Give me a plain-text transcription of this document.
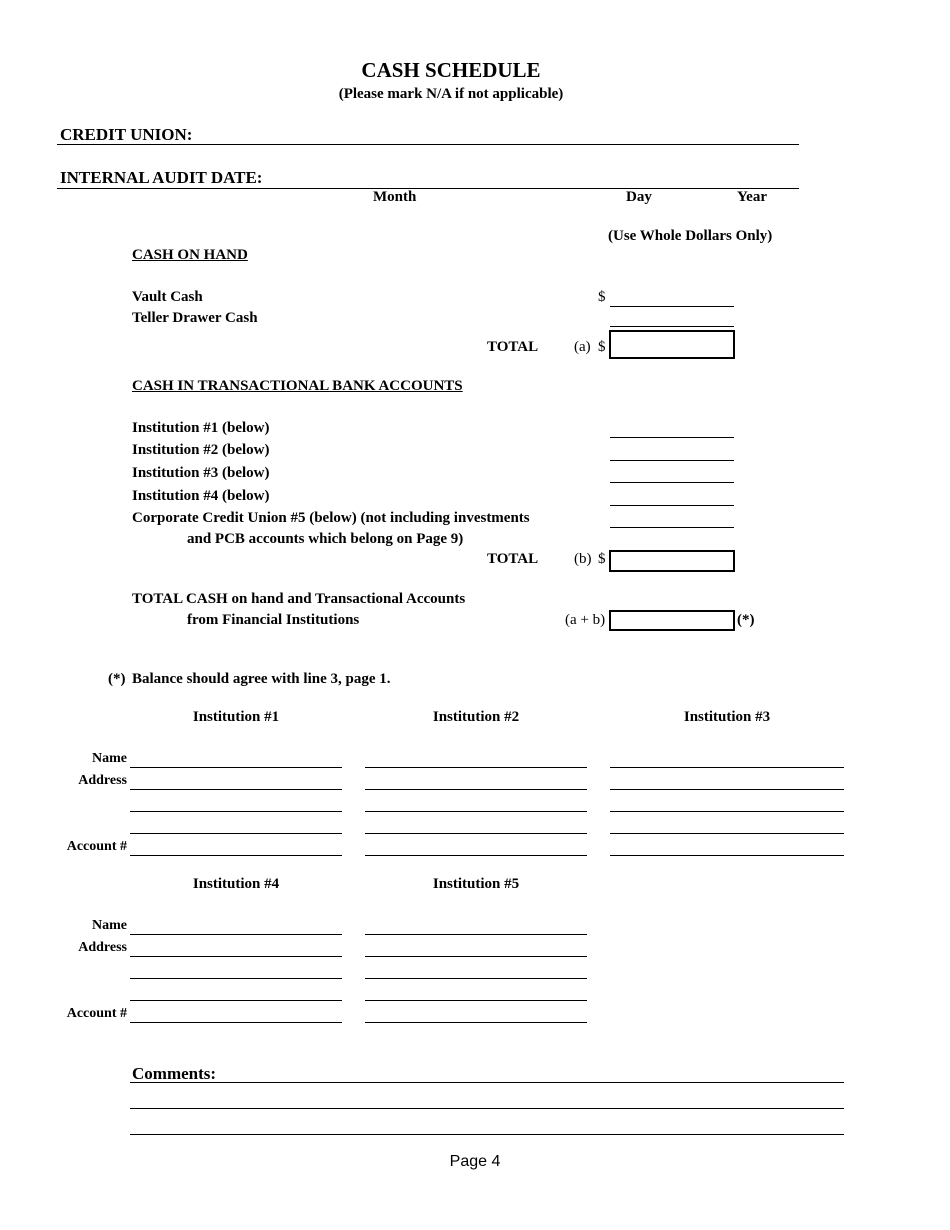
CASH SCHEDULE
(Please mark N/A if not applicable)
CREDIT UNION:
INTERNAL AUDIT DATE:
Month	Day	Year
(Use Whole Dollars Only)
CASH ON HAND
Vault Cash	$
Teller Drawer Cash
TOTAL (a) $
CASH IN TRANSACTIONAL BANK ACCOUNTS
Institution #1 (below)
Institution #2 (below)
Institution #3 (below)
Institution #4 (below)
Corporate Credit Union #5 (below) (not including investments
and PCB accounts which belong on Page 9)
TOTAL (b) $
TOTAL CASH on hand and Transactional Accounts
from Financial Institutions	(a + b)	(*)
(*) Balance should agree with line 3, page 1.
Institution #1	Institution #2	Institution #3
Name
Address
Account #
Institution #4	Institution #5
Name
Address
Account #
Comments:
Page 4
